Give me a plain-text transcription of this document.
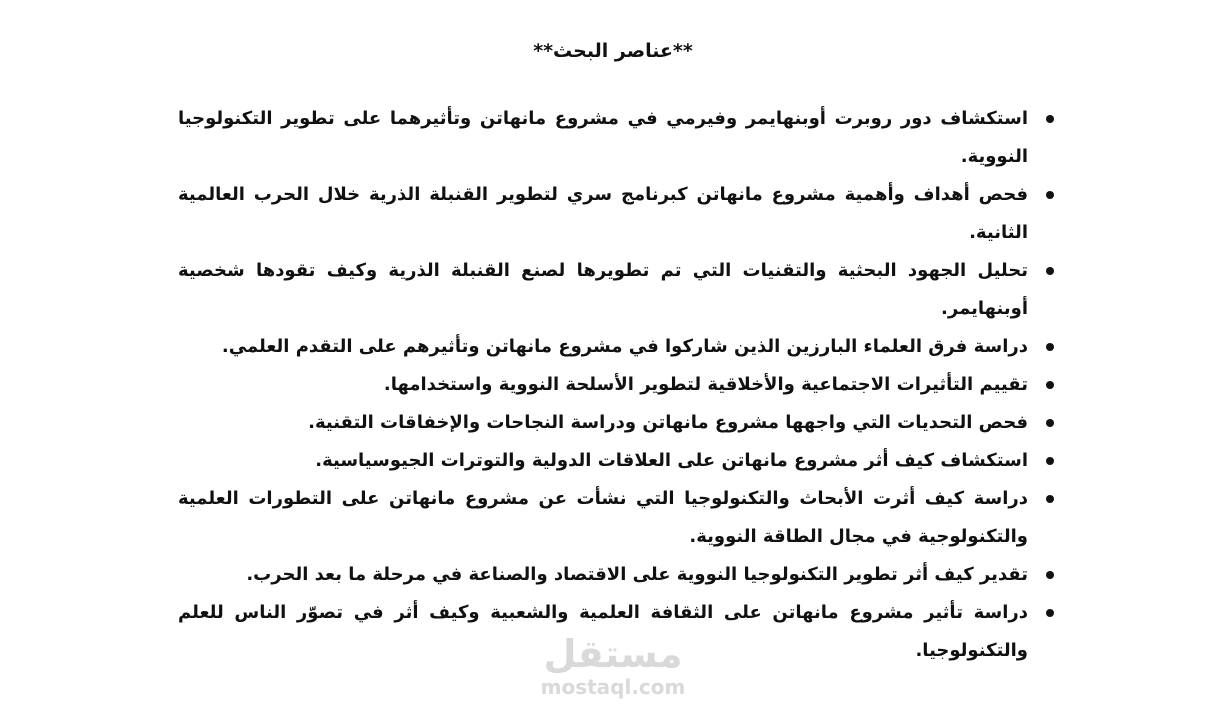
**عناصر البحث**
استكشاف دور روبرت أوبنهايمر وفيرمي في مشروع مانهاتن وتأثيرهما على تطوير التكنولوجيا النووية.
فحص أهداف وأهمية مشروع مانهاتن كبرنامج سري لتطوير القنبلة الذرية خلال الحرب العالمية الثانية.
تحليل الجهود البحثية والتقنيات التي تم تطويرها لصنع القنبلة الذرية وكيف تقودها شخصية أوبنهايمر.
دراسة فرق العلماء البارزين الذين شاركوا في مشروع مانهاتن وتأثيرهم على التقدم العلمي.
تقييم التأثيرات الاجتماعية والأخلاقية لتطوير الأسلحة النووية واستخدامها.
فحص التحديات التي واجهها مشروع مانهاتن ودراسة النجاحات والإخفاقات التقنية.
استكشاف كيف أثر مشروع مانهاتن على العلاقات الدولية والتوترات الجيوسياسية.
دراسة كيف أثرت الأبحاث والتكنولوجيا التي نشأت عن مشروع مانهاتن على التطورات العلمية والتكنولوجية في مجال الطاقة النووية.
تقدير كيف أثر تطوير التكنولوجيا النووية على الاقتصاد والصناعة في مرحلة ما بعد الحرب.
دراسة تأثير مشروع مانهاتن على الثقافة العلمية والشعبية وكيف أثر في تصوّر الناس للعلم والتكنولوجيا.
مستقل
mostaql.com
